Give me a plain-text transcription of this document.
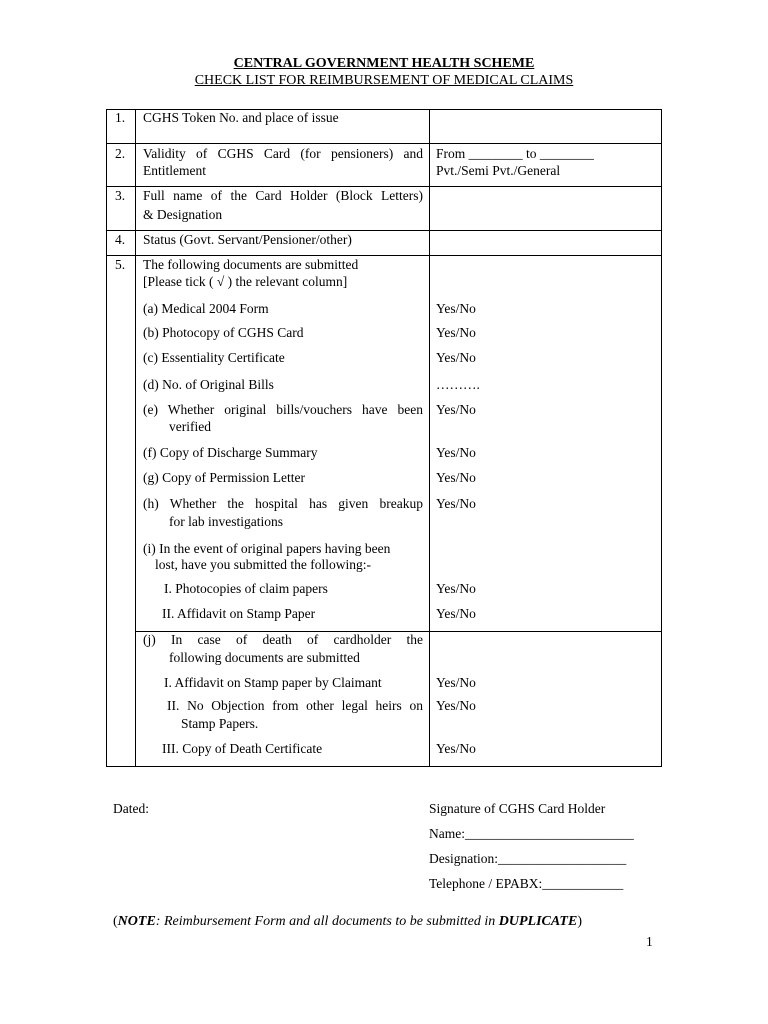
CENTRAL GOVERNMENT HEALTH SCHEME
CHECK LIST FOR REIMBURSEMENT OF MEDICAL CLAIMS
1. CGHS Token No. and place of issue
2. Validity of CGHS Card (for pensioners) and
Entitlement
From ________ to ________
Pvt./Semi Pvt./General
3. Full name of the Card Holder (Block Letters)
& Designation
4. Status (Govt. Servant/Pensioner/other)
5. The following documents are submitted
[Please tick ( √ ) the relevant column]
(a) Medical 2004 Form	Yes/No
(b) Photocopy of CGHS Card	Yes/No
(c) Essentiality Certificate	Yes/No
(d) No. of Original Bills	……….
(e) Whether original bills/vouchers have been
verified
Yes/No
(f) Copy of Discharge Summary	Yes/No
(g) Copy of Permission Letter	Yes/No
(h) Whether the hospital has given breakup
for lab investigations
Yes/No
(i) In the event of original papers having been
lost, have you submitted the following:-
I. Photocopies of claim papers	Yes/No
II. Affidavit on Stamp Paper	Yes/No
(j) In case of death of cardholder the
following documents are submitted
I. Affidavit on Stamp paper by Claimant	Yes/No
II. No Objection from other legal heirs on
Stamp Papers.
Yes/No
III. Copy of Death Certificate	Yes/No
Dated:	Signature of CGHS Card Holder
Name:_________________________
Designation:___________________
Telephone / EPABX:____________
(NOTE: Reimbursement Form and all documents to be submitted in DUPLICATE)
1
